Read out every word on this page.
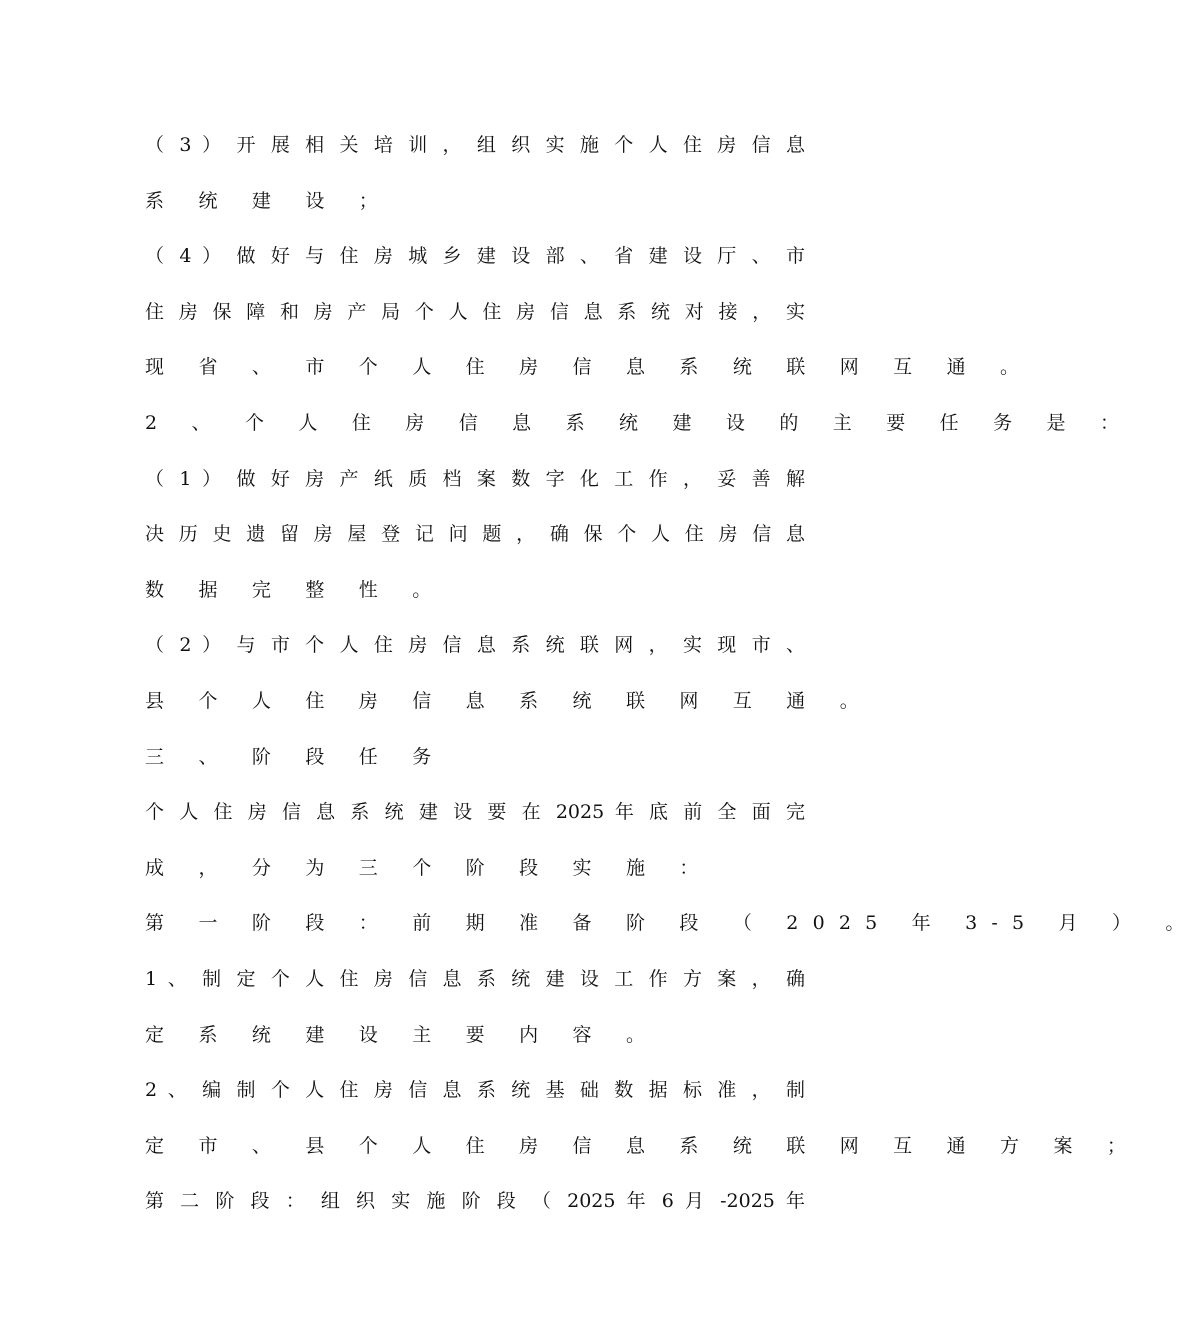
（ 3 ） 开 展 相 关 培 训 ， 组 织 实 施 个 人 住 房 信 息
系 统 建 设 ；
（ 4 ） 做 好 与 住 房 城 乡 建 设 部 、 省 建 设 厅 、 市
住 房 保 障 和 房 产 局 个 人 住 房 信 息 系 统 对 接 ， 实
现 省 、 市 个 人 住 房 信 息 系 统 联 网 互 通 。
2 、 个 人 住 房 信 息 系 统 建 设 的 主 要 任 务 是 ：
（ 1 ） 做 好 房 产 纸 质 档 案 数 字 化 工 作 ， 妥 善 解
决 历 史 遗 留 房 屋 登 记 问 题 ， 确 保 个 人 住 房 信 息
数 据 完 整 性 。
（ 2 ） 与 市 个 人 住 房 信 息 系 统 联 网 ， 实 现 市 、
县 个 人 住 房 信 息 系 统 联 网 互 通 。
三 、 阶 段 任 务
个 人 住 房 信 息 系 统 建 设 要 在 2025 年 底 前 全 面 完
成 ， 分 为 三 个 阶 段 实 施 ：
第 一 阶 段 ： 前 期 准 备 阶 段 （ 2025 年 3-5 月 ） 。
1 、 制 定 个 人 住 房 信 息 系 统 建 设 工 作 方 案 ， 确
定 系 统 建 设 主 要 内 容 。
2 、 编 制 个 人 住 房 信 息 系 统 基 础 数 据 标 准 ， 制
定 市 、 县 个 人 住 房 信 息 系 统 联 网 互 通 方 案 ；
第 二 阶 段 ： 组 织 实 施 阶 段 （ 2025 年 6 月 -2025 年
